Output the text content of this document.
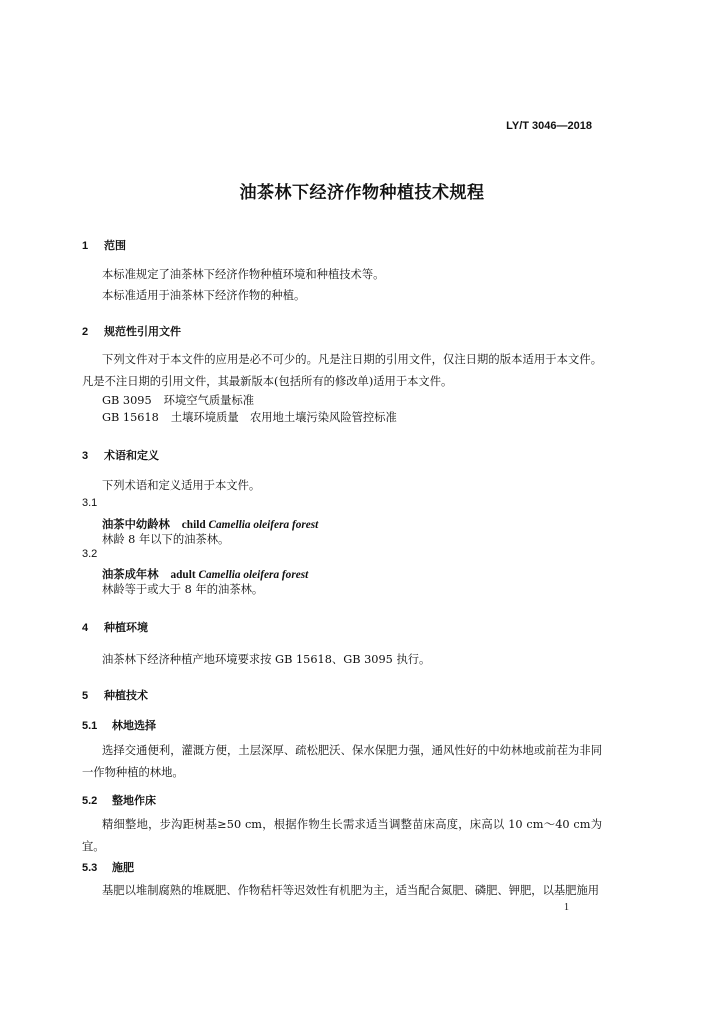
LY/T 3046—2018
油茶林下经济作物种植技术规程
1 范围
本标准规定了油茶林下经济作物种植环境和种植技术等。
本标准适用于油茶林下经济作物的种植。
2 规范性引用文件
下列文件对于本文件的应用是必不可少的。凡是注日期的引用文件，仅注日期的版本适用于本文件。凡是不注日期的引用文件，其最新版本(包括所有的修改单)适用于本文件。
GB 3095 环境空气质量标准
GB 15618 土壤环境质量　农用地土壤污染风险管控标准
3 术语和定义
下列术语和定义适用于本文件。
3.1
油茶中幼龄林 child Camellia oleifera forest
林龄 8 年以下的油茶林。
3.2
油茶成年林 adult Camellia oleifera forest
林龄等于或大于 8 年的油茶林。
4 种植环境
油茶林下经济种植产地环境要求按 GB 15618、GB 3095 执行。
5 种植技术
5.1 林地选择
选择交通便利，灌溉方便，土层深厚、疏松肥沃、保水保肥力强，通风性好的中幼林地或前茬为非同一作物种植的林地。
5.2 整地作床
精细整地，步沟距树基≥50 cm，根据作物生长需求适当调整苗床高度，床高以 10 cm～40 cm为宜。
5.3 施肥
基肥以堆制腐熟的堆厩肥、作物秸杆等迟效性有机肥为主，适当配合氮肥、磷肥、钾肥，以基肥施用
1
